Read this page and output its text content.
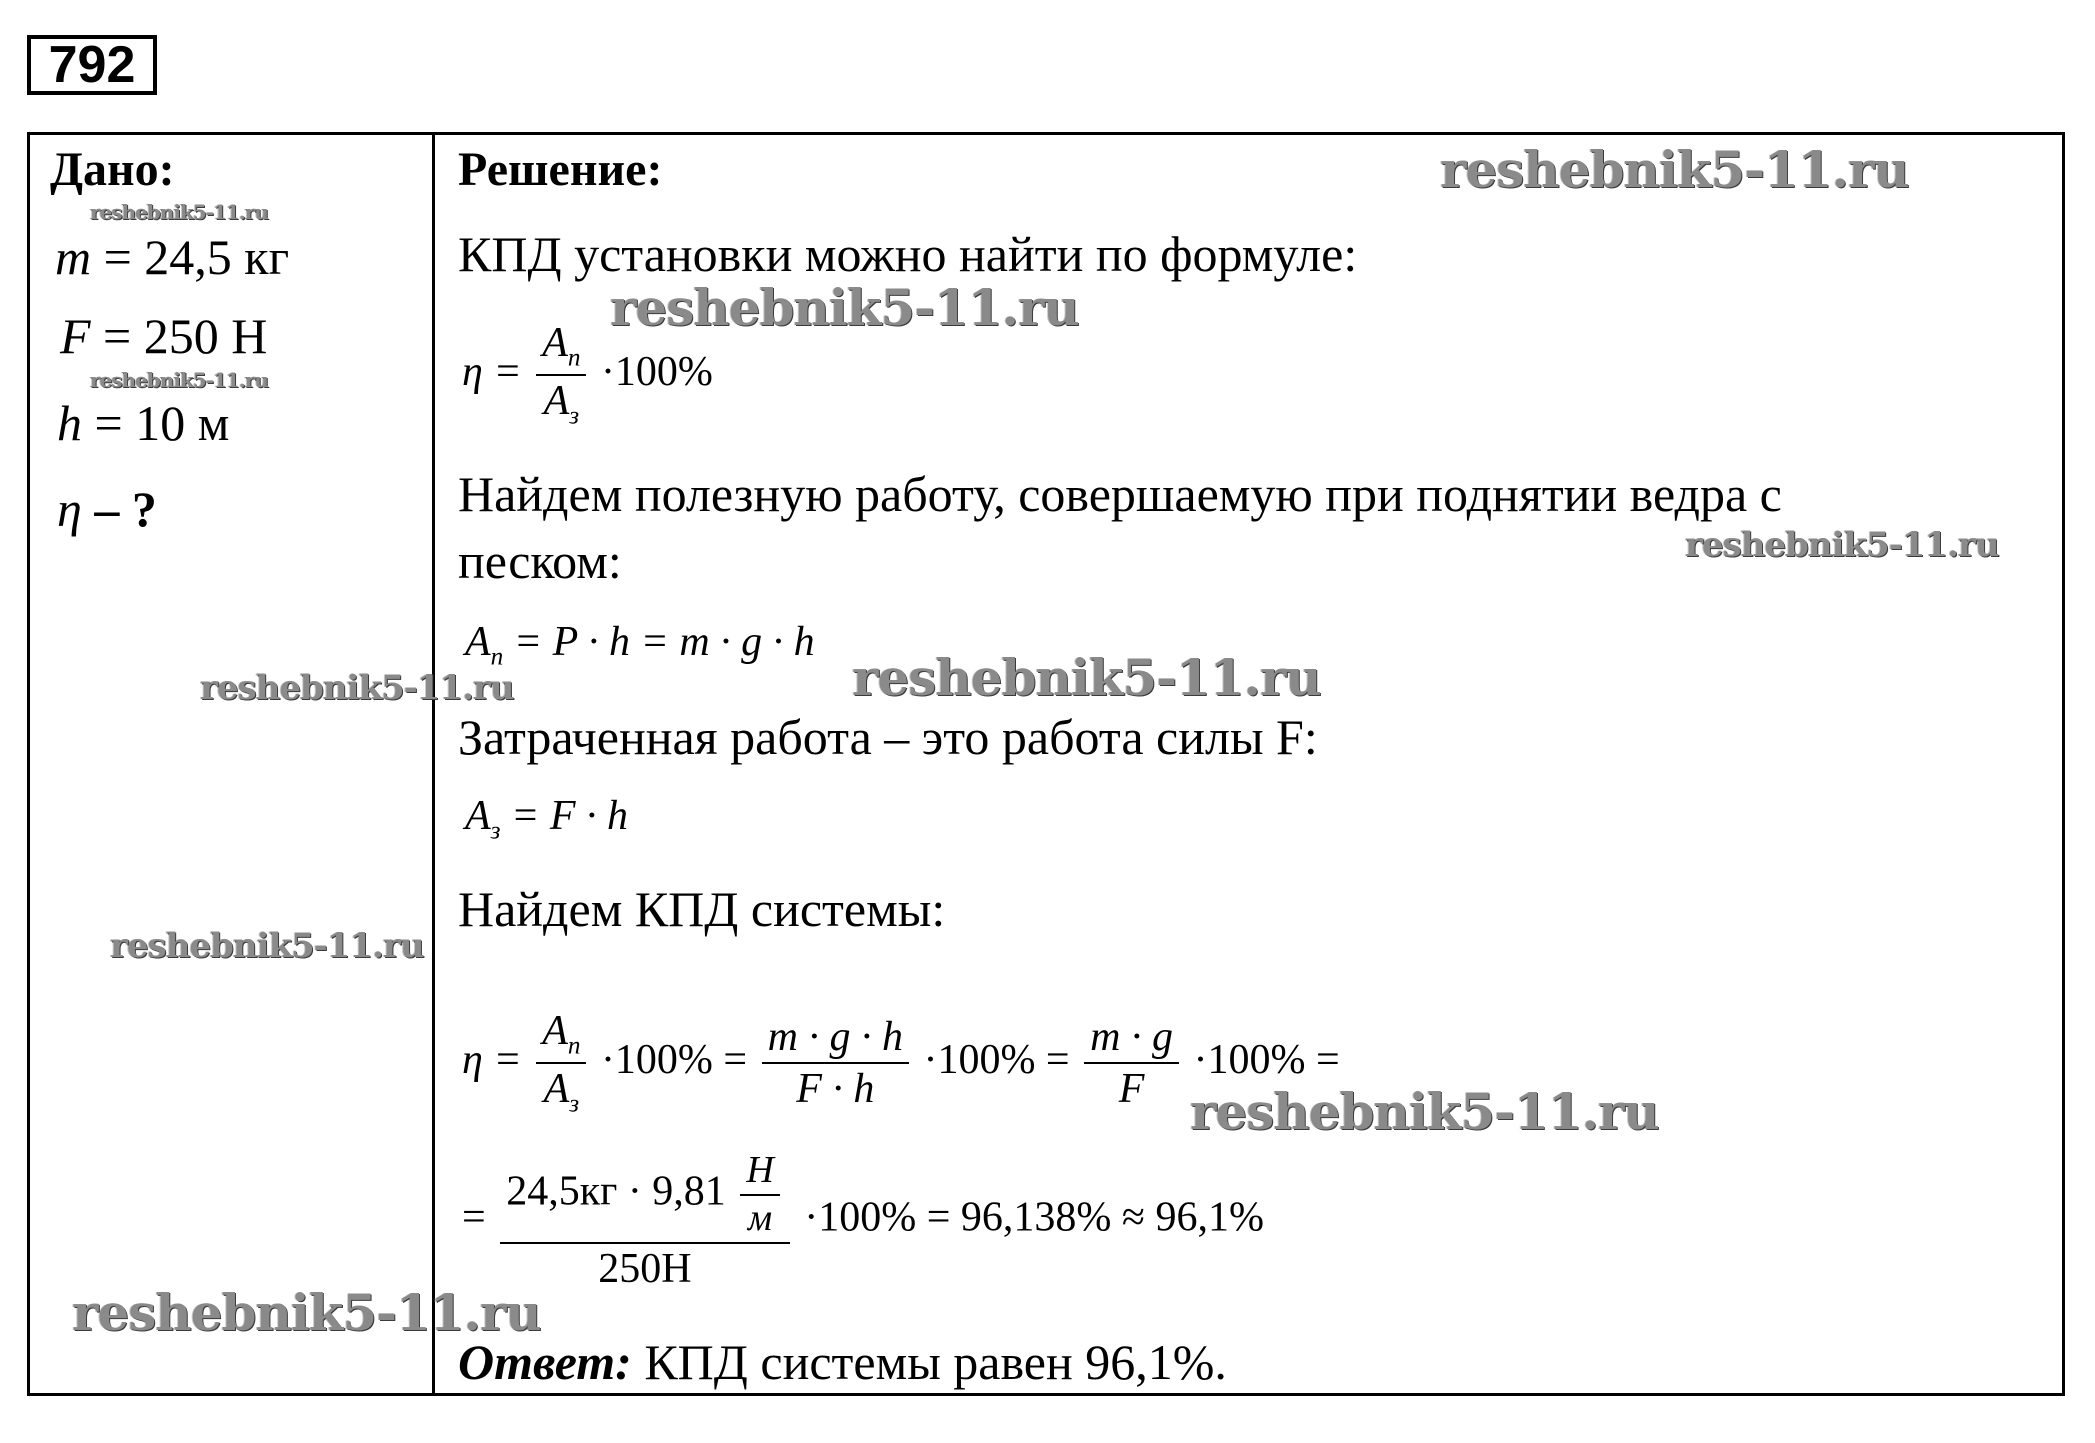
792
Дано:
m = 24,5 кг
F = 250 Н
h = 10 м
η – ?
Решение:
КПД установки можно найти по формуле:
$\eta = \frac{A_п}{A_з} \cdot 100\%$
Найдем полезную работу, совершаемую при поднятии ведра с
песком:
$A_п = P \cdot h = m \cdot g \cdot h$
Затраченная работа – это работа силы F:
$A_з = F \cdot h$
Найдем КПД системы:
$\eta = \frac{A_п}{A_з} \cdot 100\% = \frac{m \cdot g \cdot h}{F \cdot h} \cdot 100\% = \frac{m \cdot g}{F} \cdot 100\%$ =
= $\frac{24,5кг \cdot 9,81 \frac{Н}{м}}{250Н} \cdot 100\% = 96,138\% \approx 96,1\%$
Ответ: КПД системы равен 96,1%.
reshebnik5-11.ru
reshebnik5-11.ru
reshebnik5-11.ru
reshebnik5-11.ru
reshebnik5-11.ru
reshebnik5-11.ru	reshebnik5-11.ru
reshebnik5-11.ru
reshebnik5-11.ru
reshebnik5-11.ru
